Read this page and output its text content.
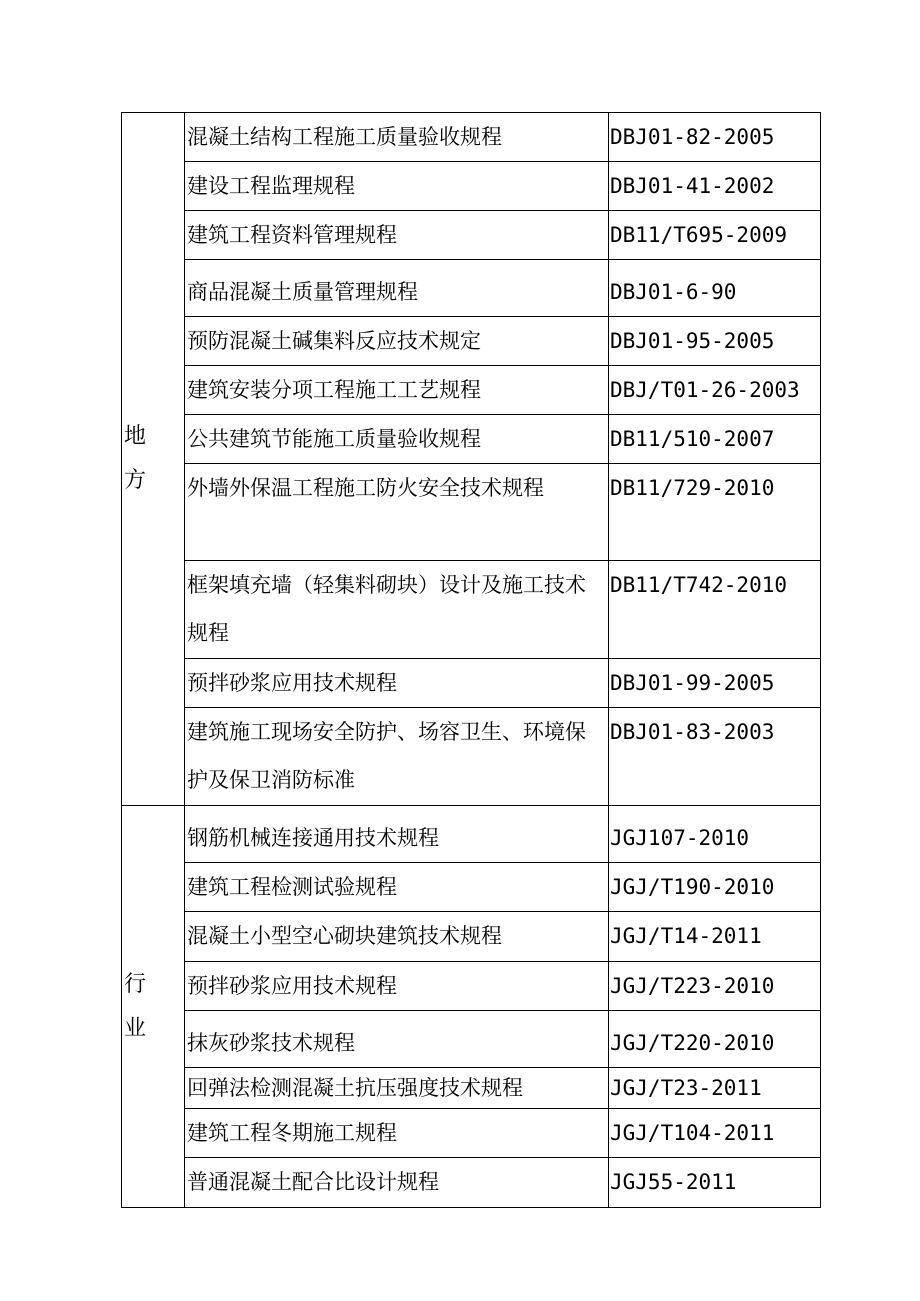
地方	混凝土结构工程施工质量验收规程	DBJ01-82-2005
	建设工程监理规程	DBJ01-41-2002
	建筑工程资料管理规程	DB11/T695-2009
	商品混凝土质量管理规程	DBJ01-6-90
	预防混凝土碱集料反应技术规定	DBJ01-95-2005
	建筑安装分项工程施工工艺规程	DBJ/T01-26-2003
	公共建筑节能施工质量验收规程	DB11/510-2007
	外墙外保温工程施工防火安全技术规程	DB11/729-2010
	框架填充墙（轻集料砌块）设计及施工技术规程	DB11/T742-2010
	预拌砂浆应用技术规程	DBJ01-99-2005
	建筑施工现场安全防护、场容卫生、环境保护及保卫消防标准	DBJ01-83-2003

行业	钢筋机械连接通用技术规程	JGJ107-2010
	建筑工程检测试验规程	JGJ/T190-2010
	混凝土小型空心砌块建筑技术规程	JGJ/T14-2011
	预拌砂浆应用技术规程	JGJ/T223-2010
	抹灰砂浆技术规程	JGJ/T220-2010
	回弹法检测混凝土抗压强度技术规程	JGJ/T23-2011
	建筑工程冬期施工规程	JGJ/T104-2011
	普通混凝土配合比设计规程	JGJ55-2011
